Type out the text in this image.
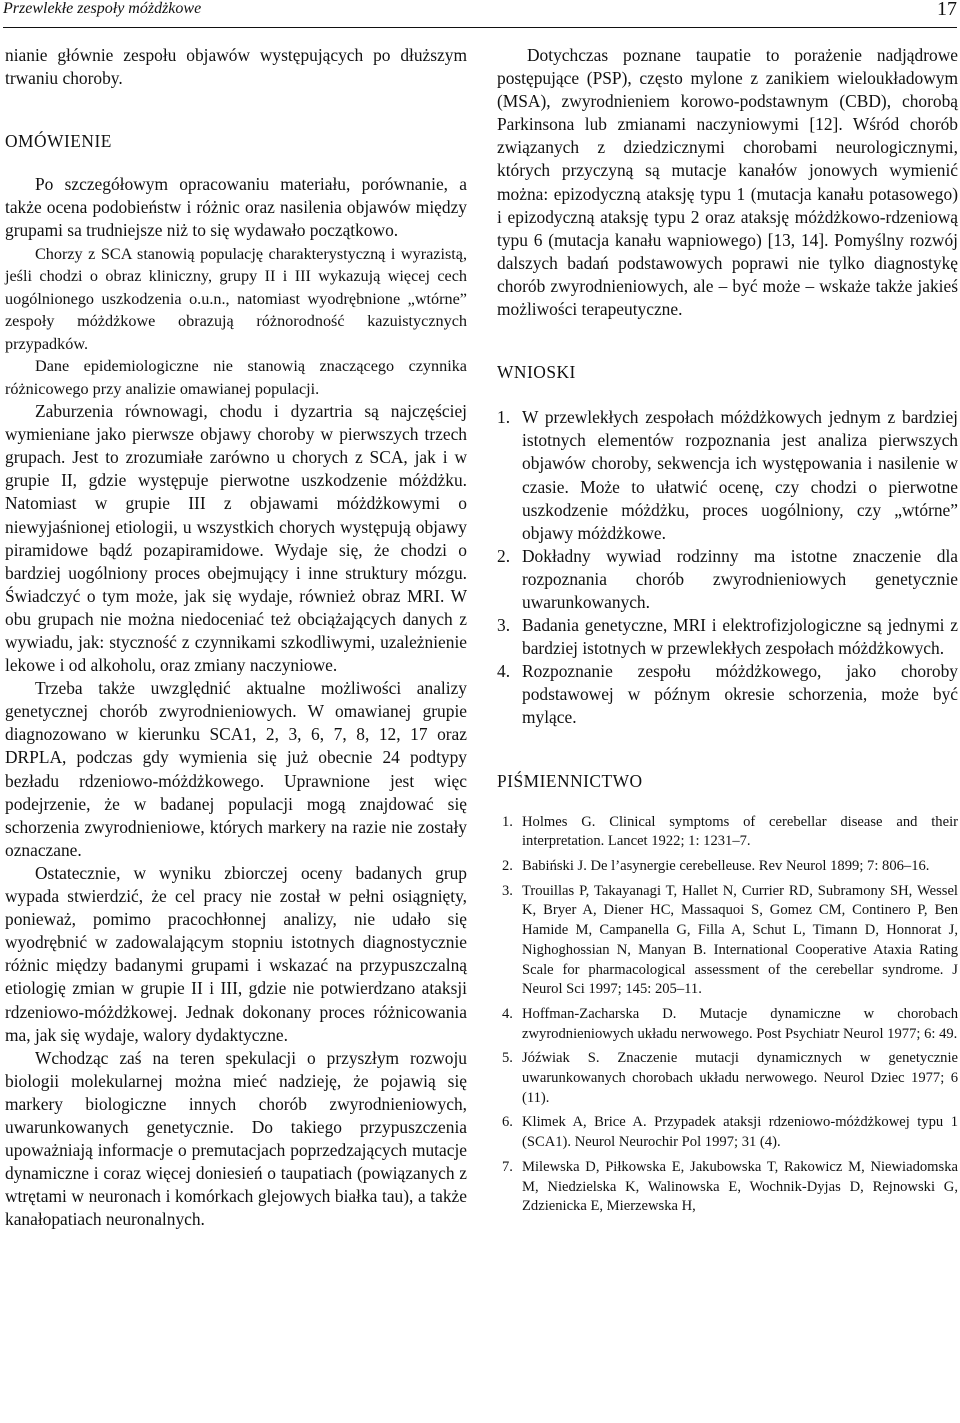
Przewlekłe zespoły móżdżkowe	17

nianie głównie zespołu objawów występujących po dłuższym trwaniu choroby.

OMÓWIENIE

Po szczegółowym opracowaniu materiału, porównanie, a także ocena podobieństw i różnic oraz nasilenia objawów między grupami sa trudniejsze niż to się wydawało początkowo.

Chorzy z SCA stanowią populację charakterystyczną i wyrazistą, jeśli chodzi o obraz kliniczny, grupy II i III wykazują więcej cech uogólnionego uszkodzenia o.u.n., natomiast wyodrębnione „wtórne” zespoły móżdżkowe obrazują różnorodność kazuistycznych przypadków.

Dane epidemiologiczne nie stanowią znaczącego czynnika różnicowego przy analizie omawianej populacji.

Zaburzenia równowagi, chodu i dyzartria są najczęściej wymieniane jako pierwsze objawy choroby w pierwszych trzech grupach. Jest to zrozumiałe zarówno u chorych z SCA, jak i w grupie II, gdzie występuje pierwotne uszkodzenie móżdżku. Natomiast w grupie III z objawami móżdżkowymi o niewyjaśnionej etiologii, u wszystkich chorych występują objawy piramidowe bądź pozapiramidowe. Wydaje się, że chodzi o bardziej uogólniony proces obejmujący i inne struktury mózgu. Świadczyć o tym może, jak się wydaje, również obraz MRI. W obu grupach nie można niedoceniać też obciążających danych z wywiadu, jak: styczność z czynnikami szkodliwymi, uzależnienie lekowe i od alkoholu, oraz zmiany naczyniowe.

Trzeba także uwzględnić aktualne możliwości analizy genetycznej chorób zwyrodnieniowych. W omawianej grupie diagnozowano w kierunku SCA1, 2, 3, 6, 7, 8, 12, 17 oraz DRPLA, podczas gdy wymienia się już obecnie 24 podtypy bezładu rdzeniowo-móżdżkowego. Uprawnione jest więc podejrzenie, że w badanej populacji mogą znajdować się schorzenia zwyrodnieniowe, których markery na razie nie zostały oznaczane.

Ostatecznie, w wyniku zbiorczej oceny badanych grup wypada stwierdzić, że cel pracy nie został w pełni osiągnięty, ponieważ, pomimo pracochłonnej analizy, nie udało się wyodrębnić w zadowalającym stopniu istotnych diagnostycznie różnic między badanymi grupami i wskazać na przypuszczalną etiologię zmian w grupie II i III, gdzie nie potwierdzano ataksji rdzeniowo-móżdżkowej. Jednak dokonany proces różnicowania ma, jak się wydaje, walory dydaktyczne.

Wchodząc zaś na teren spekulacji o przyszłym rozwoju biologii molekularnej można mieć nadzieję, że pojawią się markery biologiczne innych chorób zwyrodnieniowych, uwarunkowanych genetycznie. Do takiego przypuszczenia upoważniają informacje o premutacjach poprzedzających mutacje dynamiczne i coraz więcej doniesień o taupatiach (powiązanych z wtrętami w neuronach i komórkach glejowych białka tau), a także kanałopatiach neuronalnych.

Dotychczas poznane taupatie to porażenie nadjądrowe postępujące (PSP), często mylone z zanikiem wieloukładowym (MSA), zwyrodnieniem korowo-podstawnym (CBD), chorobą Parkinsona lub zmianami naczyniowymi [12]. Wśród chorób związanych z dziedzicznymi chorobami neurologicznymi, których przyczyną są mutacje kanałów jonowych wymienić można: epizodyczną ataksję typu 1 (mutacja kanału potasowego) i epizodyczną ataksję typu 2 oraz ataksję móżdżkowo-rdzeniową typu 6 (mutacja kanału wapniowego) [13, 14]. Pomyślny rozwój dalszych badań podstawowych poprawi nie tylko diagnostykę chorób zwyrodnieniowych, ale – być może – wskaże także jakieś możliwości terapeutyczne.

WNIOSKI
1. W przewlekłych zespołach móżdżkowych jednym z bardziej istotnych elementów rozpoznania jest analiza pierwszych objawów choroby, sekwencja ich występowania i nasilenie w czasie. Może to ułatwić ocenę, czy chodzi o pierwotne uszkodzenie móżdżku, proces uogólniony, czy „wtórne” objawy móżdżkowe.
2. Dokładny wywiad rodzinny ma istotne znaczenie dla rozpoznania chorób zwyrodnieniowych genetycznie uwarunkowanych.
3. Badania genetyczne, MRI i elektrofizjologiczne są jednymi z bardziej istotnych w przewlekłych zespołach móżdżkowych.
4. Rozpoznanie zespołu móżdżkowego, jako choroby podstawowej w późnym okresie schorzenia, może być mylące.
PIŚMIENNICTWO
1. Holmes G. Clinical symptoms of cerebellar disease and their interpretation. Lancet 1922; 1: 1231–7.
2. Babiński J. De l’asynergie cerebelleuse. Rev Neurol 1899; 7: 806–16.
3. Trouillas P, Takayanagi T, Hallet N, Currier RD, Subramony SH, Wessel K, Bryer A, Diener HC, Massaquoi S, Gomez CM, Continero P, Ben Hamide M, Campanella G, Filla A, Schut L, Timann D, Honnorat J, Nighoghossian N, Manyan B. International Cooperative Ataxia Rating Scale for pharmacological assessment of the cerebellar syndrome. J Neurol Sci 1997; 145: 205–11.
4. Hoffman-Zacharska D. Mutacje dynamiczne w chorobach zwyrodnieniowych układu nerwowego. Post Psychiatr Neurol 1977; 6: 49.
5. Jóźwiak S. Znaczenie mutacji dynamicznych w genetycznie uwarunkowanych chorobach układu nerwowego. Neurol Dziec 1977; 6 (11).
6. Klimek A, Brice A. Przypadek ataksji rdzeniowo-móżdżkowej typu 1 (SCA1). Neurol Neurochir Pol 1997; 31 (4).
7. Milewska D, Piłkowska E, Jakubowska T, Rakowicz M, Niewiadomska M, Niedzielska K, Walinowska E, Wochnik-Dyjas D, Rejnowski G, Zdzienicka E, Mierzewska H,
